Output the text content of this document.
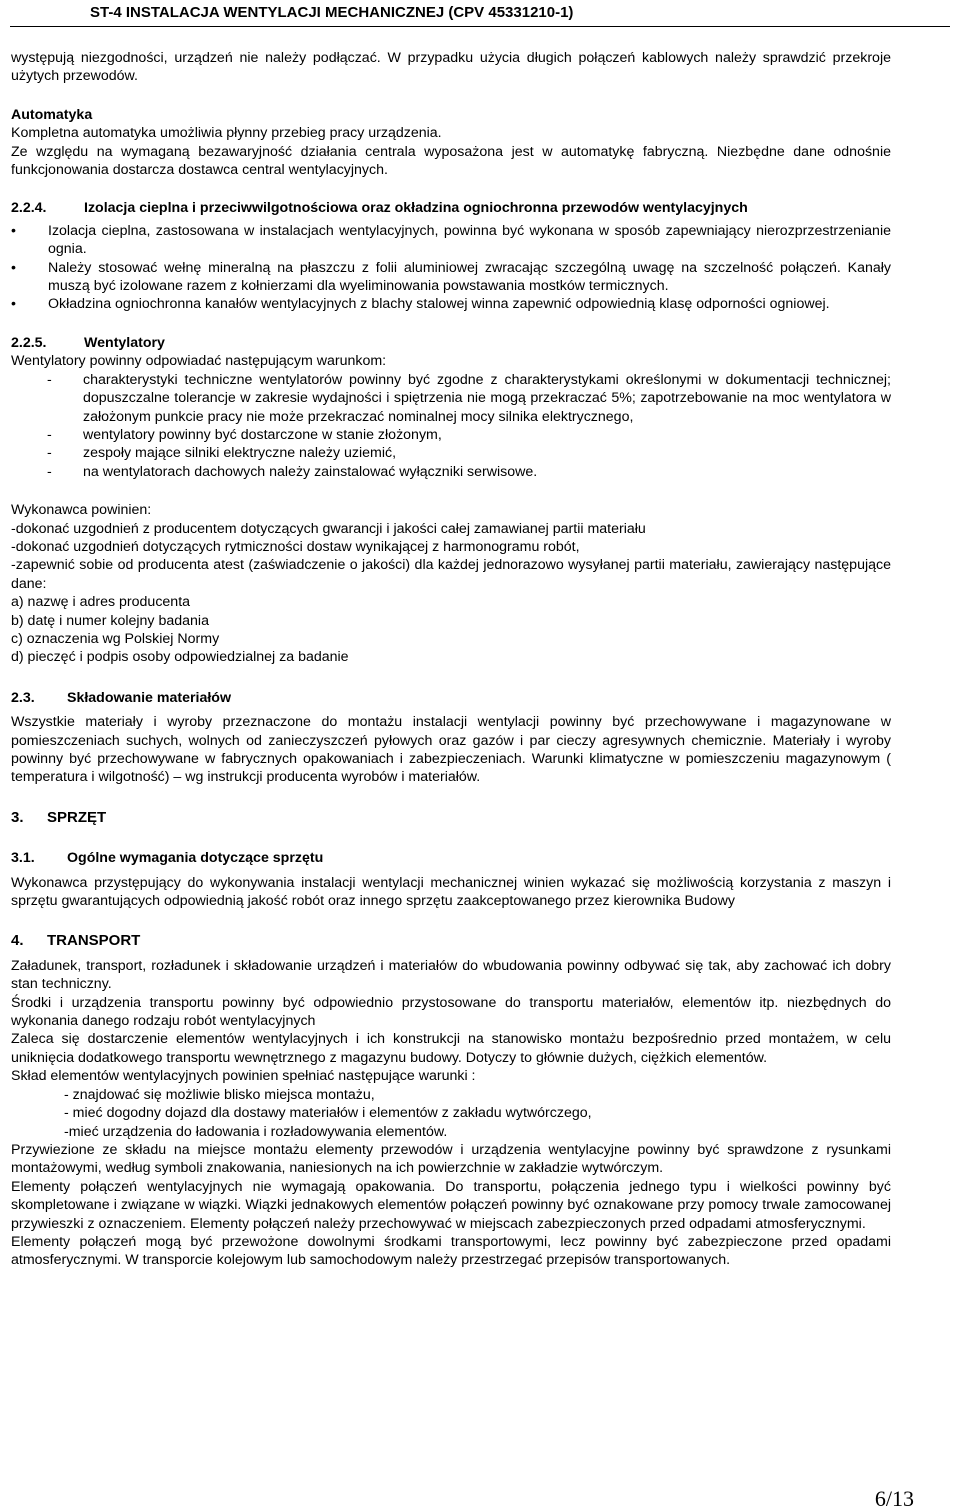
ST-4 INSTALACJA WENTYLACJI MECHANICZNEJ (CPV 45331210-1)

występują niezgodności, urządzeń nie należy podłączać. W przypadku użycia długich połączeń kablowych należy sprawdzić przekroje użytych przewodów.

Automatyka

Kompletna automatyka umożliwia płynny przebieg pracy urządzenia.

Ze względu na wymaganą bezawaryjność działania centrala wyposażona jest w automatykę fabryczną. Niezbędne dane odnośnie funkcjonowania dostarcza dostawca central wentylacyjnych.

2.2.4.	Izolacja cieplna i przeciwwilgotnościowa oraz okładzina ogniochronna przewodów wentylacyjnych

• Izolacja cieplna, zastosowana w instalacjach wentylacyjnych, powinna być wykonana w sposób zapewniający nierozprzestrzenianie ognia.
• Należy stosować wełnę mineralną na płaszczu z folii aluminiowej zwracając szczególną uwagę na szczelność połączeń. Kanały muszą być izolowane razem z kołnierzami dla wyeliminowania powstawania mostków termicznych.
• Okładzina ogniochronna kanałów wentylacyjnych z blachy stalowej winna zapewnić odpowiednią klasę odporności ogniowej.

2.2.5.	Wentylatory

Wentylatory powinny odpowiadać następującym warunkom:

- charakterystyki techniczne wentylatorów powinny być zgodne z charakterystykami określonymi w dokumentacji technicznej; dopuszczalne tolerancje w zakresie wydajności i spiętrzenia nie mogą przekraczać 5%; zapotrzebowanie na moc wentylatora w założonym punkcie pracy nie może przekraczać nominalnej mocy silnika elektrycznego,
- wentylatory powinny być dostarczone w stanie złożonym,
- zespoły mające silniki elektryczne należy uziemić,
- na wentylatorach dachowych należy zainstalować wyłączniki serwisowe.

Wykonawca powinien:

-dokonać uzgodnień z producentem dotyczących gwarancji i jakości całej zamawianej partii materiału

-dokonać uzgodnień dotyczących rytmiczności dostaw wynikającej z harmonogramu robót,

-zapewnić sobie od producenta atest (zaświadczenie o jakości) dla każdej jednorazowo wysyłanej partii materiału, zawierający następujące dane:

a) nazwę i adres producenta

b) datę i numer kolejny badania

c) oznaczenia wg Polskiej Normy

d) pieczęć i podpis osoby odpowiedzialnej za badanie

2.3. Składowanie materiałów

Wszystkie materiały i wyroby przeznaczone do montażu instalacji wentylacji powinny być przechowywane i magazynowane w pomieszczeniach suchych, wolnych od zanieczyszczeń pyłowych oraz gazów i par cieczy agresywnych chemicznie. Materiały i wyroby powinny być przechowywane w fabrycznych opakowaniach i zabezpieczeniach. Warunki klimatyczne w pomieszczeniu magazynowym ( temperatura i wilgotność) – wg instrukcji producenta wyrobów i materiałów.

3. SPRZĘT

3.1. Ogólne wymagania dotyczące sprzętu

Wykonawca przystępujący do wykonywania instalacji wentylacji mechanicznej winien wykazać się możliwością korzystania z maszyn i sprzętu gwarantujących odpowiednią jakość robót oraz innego sprzętu zaakceptowanego przez kierownika Budowy

4. TRANSPORT

Załadunek, transport, rozładunek i składowanie urządzeń i materiałów do wbudowania powinny odbywać się tak, aby zachować ich dobry stan techniczny.

Środki i urządzenia transportu powinny być odpowiednio przystosowane do transportu materiałów, elementów itp. niezbędnych do wykonania danego rodzaju robót wentylacyjnych

Zaleca się dostarczenie elementów wentylacyjnych i ich konstrukcji na stanowisko montażu bezpośrednio przed montażem, w celu uniknięcia dodatkowego transportu wewnętrznego z magazynu budowy. Dotyczy to głównie dużych, ciężkich elementów.

Skład elementów wentylacyjnych powinien spełniać następujące warunki :

- znajdować się możliwie blisko miejsca montażu,

- mieć dogodny dojazd dla dostawy materiałów i elementów z zakładu wytwórczego,

-mieć urządzenia do ładowania i rozładowywania elementów.

Przywiezione ze składu na miejsce montażu elementy przewodów i urządzenia wentylacyjne powinny być sprawdzone z rysunkami montażowymi, według symboli znakowania, naniesionych na ich powierzchnie w zakładzie wytwórczym.

Elementy połączeń wentylacyjnych nie wymagają opakowania. Do transportu, połączenia jednego typu i wielkości powinny być skompletowane i związane w wiązki. Wiązki jednakowych elementów połączeń powinny być oznakowane przy pomocy trwale zamocowanej przywieszki z oznaczeniem. Elementy połączeń należy przechowywać w miejscach zabezpieczonych przed odpadami atmosferycznymi.

Elementy połączeń mogą być przewożone dowolnymi środkami transportowymi, lecz powinny być zabezpieczone przed opadami atmosferycznymi. W transporcie kolejowym lub samochodowym należy przestrzegać przepisów transportowanych.

6/13
